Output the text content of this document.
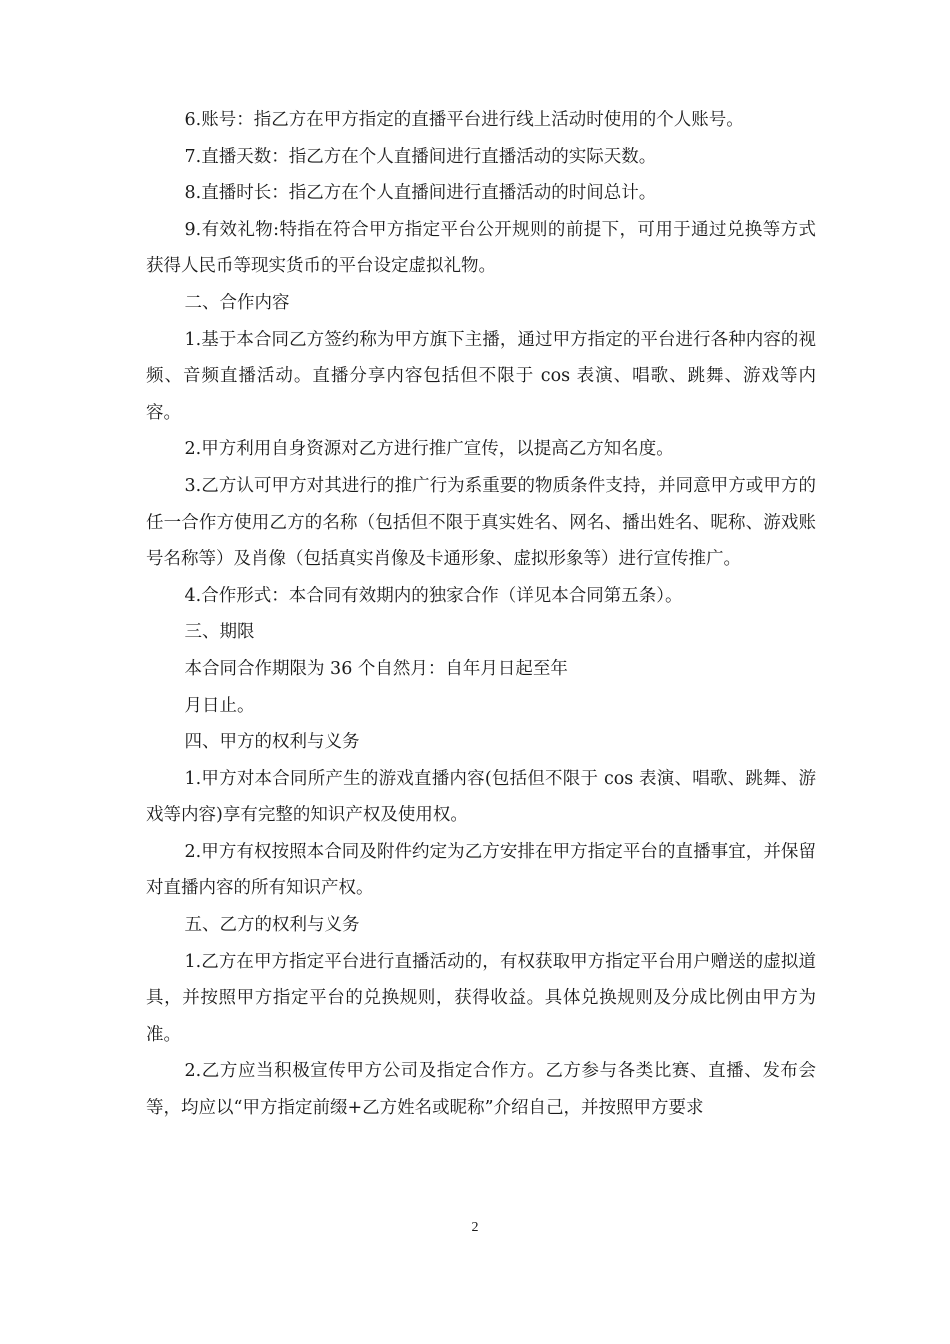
6.账号：指乙方在甲方指定的直播平台进行线上活动时使用的个人账号。

7.直播天数：指乙方在个人直播间进行直播活动的实际天数。

8.直播时长：指乙方在个人直播间进行直播活动的时间总计。

9.有效礼物:特指在符合甲方指定平台公开规则的前提下，可用于通过兑换等方式获得人民币等现实货币的平台设定虚拟礼物。

二、合作内容

1.基于本合同乙方签约称为甲方旗下主播，通过甲方指定的平台进行各种内容的视频、音频直播活动。直播分享内容包括但不限于 cos 表演、唱歌、跳舞、游戏等内容。

2.甲方利用自身资源对乙方进行推广宣传，以提高乙方知名度。

3.乙方认可甲方对其进行的推广行为系重要的物质条件支持，并同意甲方或甲方的任一合作方使用乙方的名称（包括但不限于真实姓名、网名、播出姓名、昵称、游戏账号名称等）及肖像（包括真实肖像及卡通形象、虚拟形象等）进行宣传推广。

4.合作形式：本合同有效期内的独家合作（详见本合同第五条）。

三、期限

本合同合作期限为 36 个自然月：自年月日起至年

月日止。

四、甲方的权利与义务

1.甲方对本合同所产生的游戏直播内容(包括但不限于 cos 表演、唱歌、跳舞、游戏等内容)享有完整的知识产权及使用权。

2.甲方有权按照本合同及附件约定为乙方安排在甲方指定平台的直播事宜，并保留对直播内容的所有知识产权。

五、乙方的权利与义务

1.乙方在甲方指定平台进行直播活动的，有权获取甲方指定平台用户赠送的虚拟道具，并按照甲方指定平台的兑换规则，获得收益。具体兑换规则及分成比例由甲方为准。

2.乙方应当积极宣传甲方公司及指定合作方。乙方参与各类比赛、直播、发布会等，均应以“甲方指定前缀+乙方姓名或昵称”介绍自己，并按照甲方要求

2
